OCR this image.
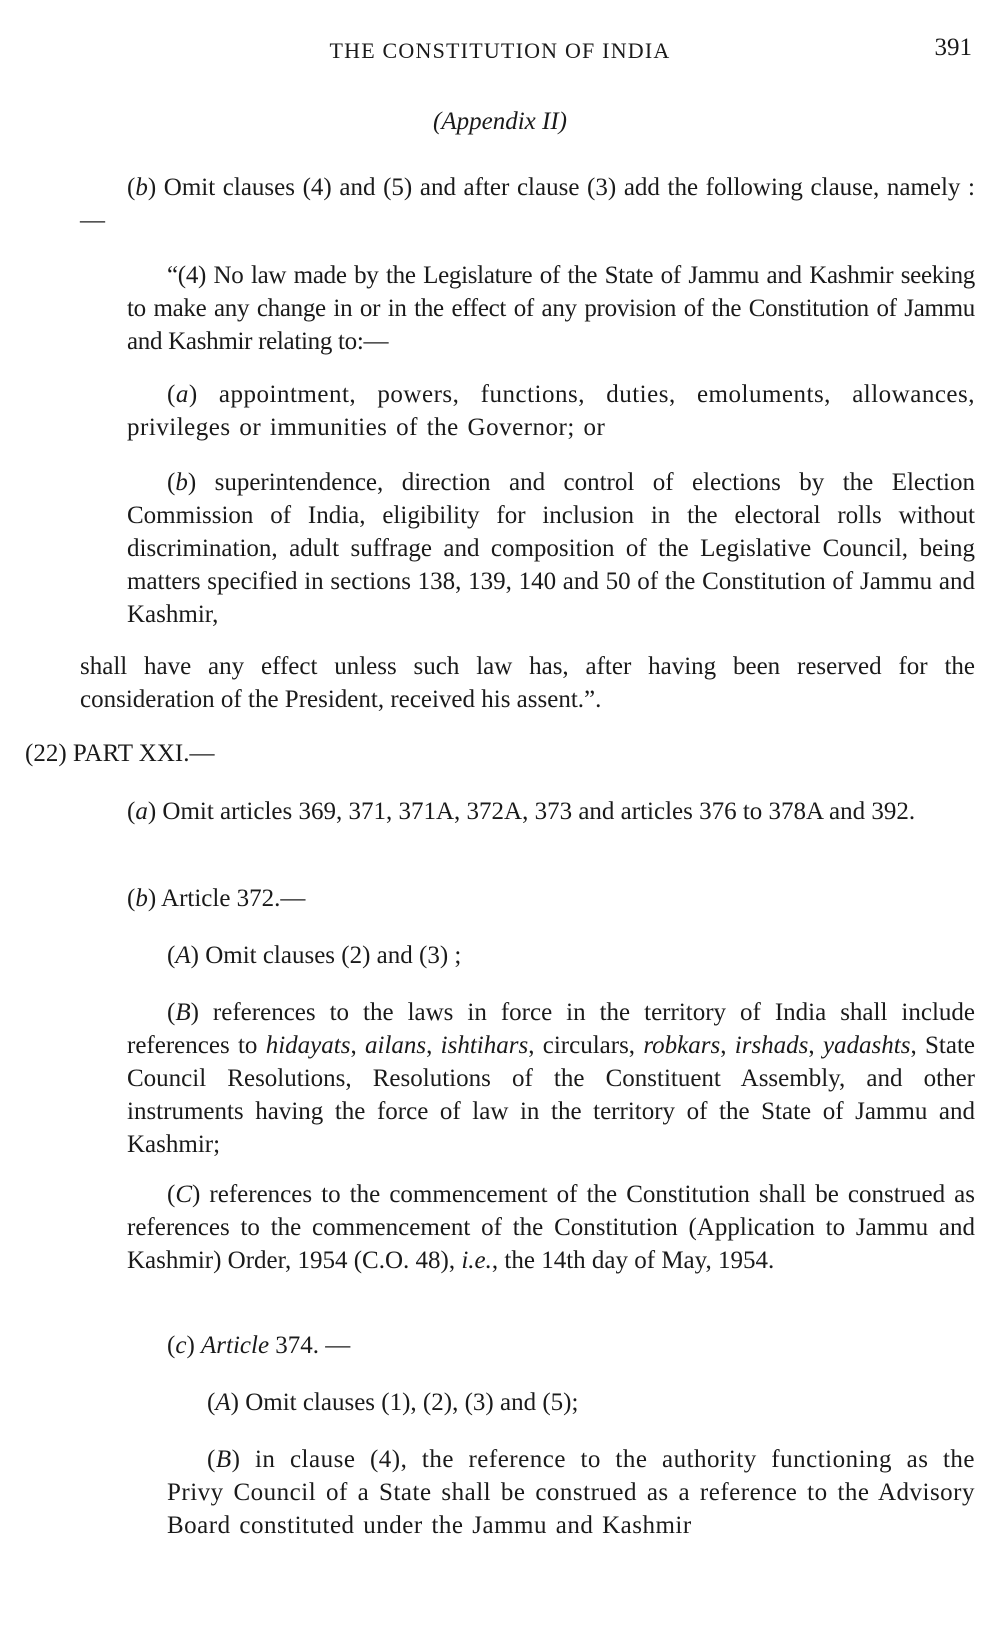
THE CONSTITUTION OF INDIA	391
(Appendix II)
(b) Omit clauses (4) and (5) and after clause (3) add the following clause, namely :—
“(4) No law made by the Legislature of the State of Jammu and Kashmir seeking to make any change in or in the effect of any provision of the Constitution of Jammu and Kashmir relating to:—
(a) appointment, powers, functions, duties, emoluments, allowances, privileges or immunities of the Governor; or
(b) superintendence, direction and control of elections by the Election Commission of India, eligibility for inclusion in the electoral rolls without discrimination, adult suffrage and composition of the Legislative Council, being matters specified in sections 138, 139, 140 and 50 of the Constitution of Jammu and Kashmir,
shall have any effect unless such law has, after having been reserved for the consideration of the President, received his assent.”.
(22) PART XXI.—
(a) Omit articles 369, 371, 371A, 372A, 373 and articles 376 to 378A and 392.
(b) Article 372.—
(A) Omit clauses (2) and (3) ;
(B) references to the laws in force in the territory of India shall include references to hidayats, ailans, ishtihars, circulars, robkars, irshads, yadashts, State Council Resolutions, Resolutions of the Constituent Assembly, and other instruments having the force of law in the territory of the State of Jammu and Kashmir;
(C) references to the commencement of the Constitution shall be construed as references to the commencement of the Constitution (Application to Jammu and Kashmir) Order, 1954 (C.O. 48), i.e., the 14th day of May, 1954.
(c) Article 374. —
(A) Omit clauses (1), (2), (3) and (5);
(B) in clause (4), the reference to the authority functioning as the Privy Council of a State shall be construed as a reference to the Advisory Board constituted under the Jammu and Kashmir
